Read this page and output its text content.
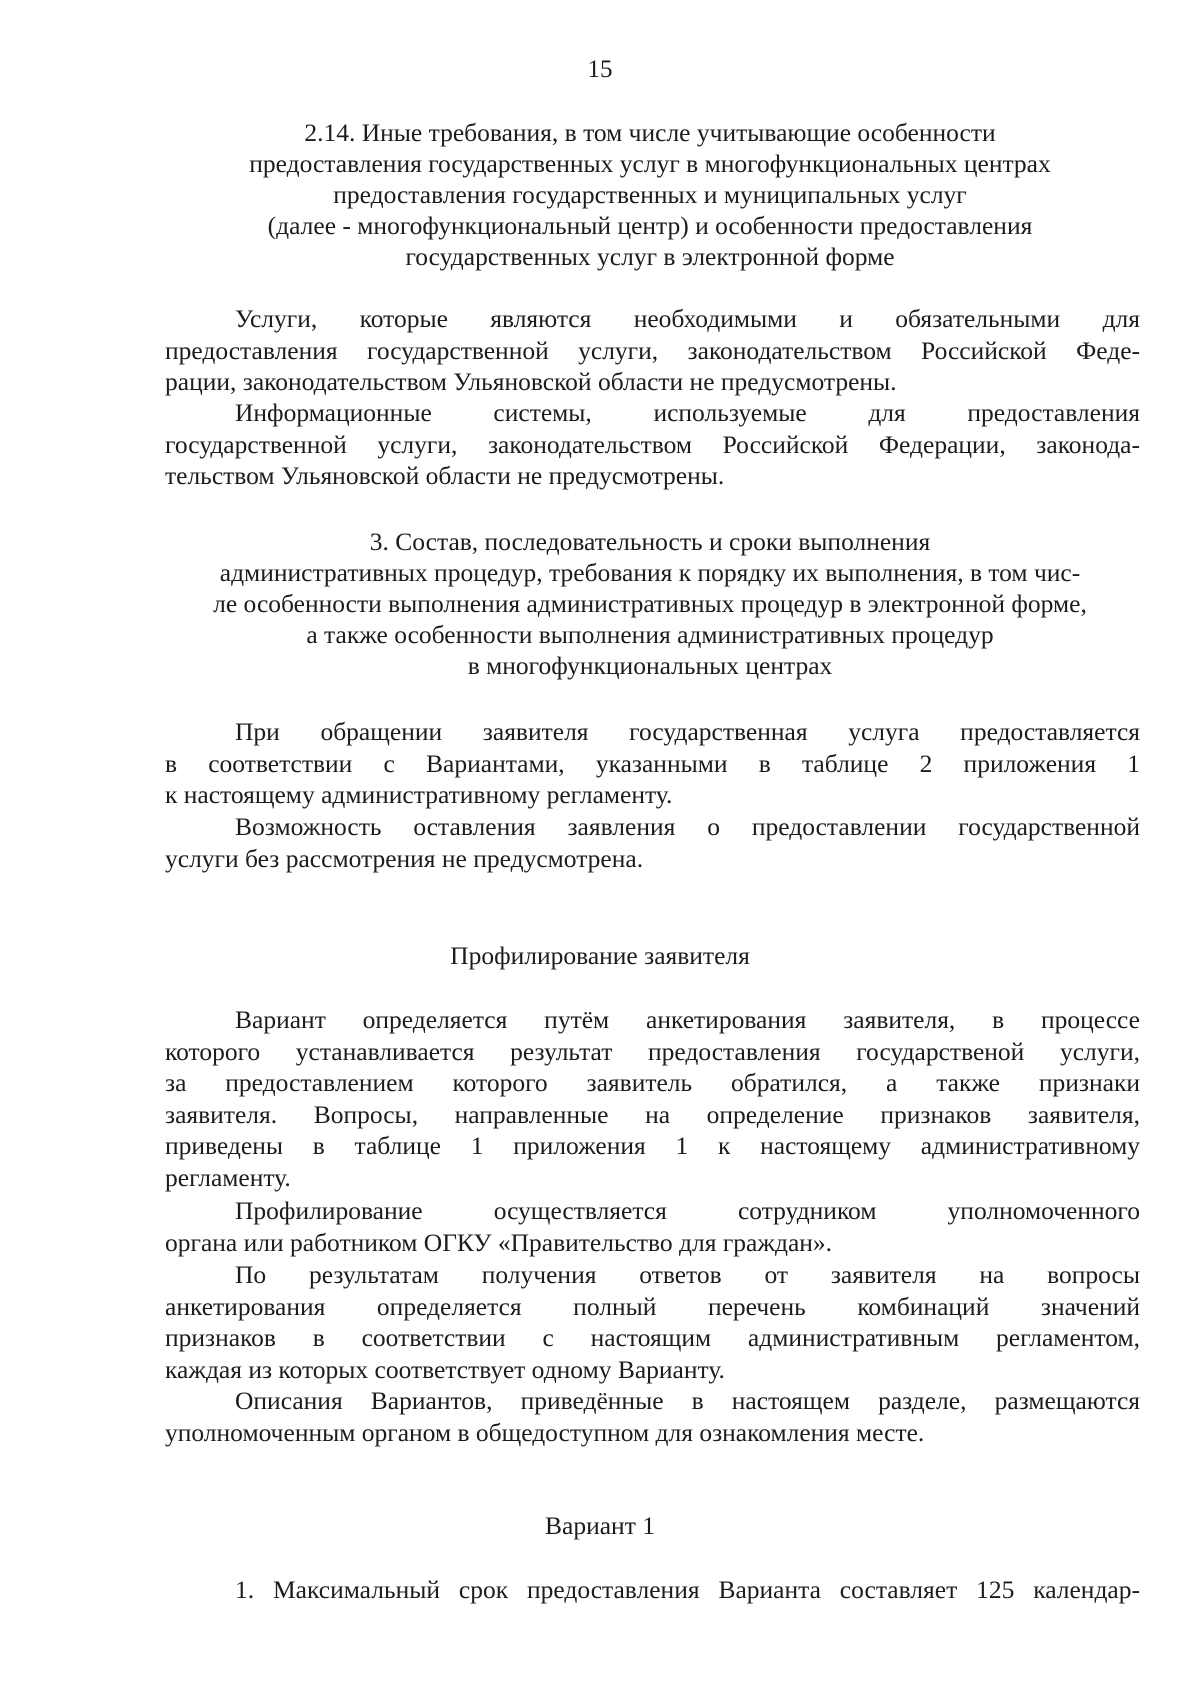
15
2.14. Иные требования, в том числе учитывающие особенности
предоставления государственных услуг в многофункциональных центрах
предоставления государственных и муниципальных услуг
(далее - многофункциональный центр) и особенности предоставления
государственных услуг в электронной форме
Услуги, которые являются необходимыми и обязательными для
предоставления государственной услуги, законодательством Российской Феде-
рации, законодательством Ульяновской области не предусмотрены.
Информационные системы, используемые для предоставления
государственной услуги, законодательством Российской Федерации, законода-
тельством Ульяновской области не предусмотрены.
3. Состав, последовательность и сроки выполнения
административных процедур, требования к порядку их выполнения, в том чис-
ле особенности выполнения административных процедур в электронной форме,
а также особенности выполнения административных процедур
в многофункциональных центрах
При обращении заявителя государственная услуга предоставляется
в соответствии с Вариантами, указанными в таблице 2 приложения 1
к настоящему административному регламенту.
Возможность оставления заявления о предоставлении государственной
услуги без рассмотрения не предусмотрена.
Профилирование заявителя
Вариант определяется путём анкетирования заявителя, в процессе
которого устанавливается результат предоставления государственой услуги,
за предоставлением которого заявитель обратился, а также признаки
заявителя. Вопросы, направленные на определение признаков заявителя,
приведены в таблице 1 приложения 1 к настоящему административному
регламенту.
Профилирование осуществляется сотрудником уполномоченного
органа или работником ОГКУ «Правительство для граждан».
По результатам получения ответов от заявителя на вопросы
анкетирования определяется полный перечень комбинаций значений
признаков в соответствии с настоящим административным регламентом,
каждая из которых соответствует одному Варианту.
Описания Вариантов, приведённые в настоящем разделе, размещаются
уполномоченным органом в общедоступном для ознакомления месте.
Вариант 1
1. Максимальный срок предоставления Варианта составляет 125 календар-
